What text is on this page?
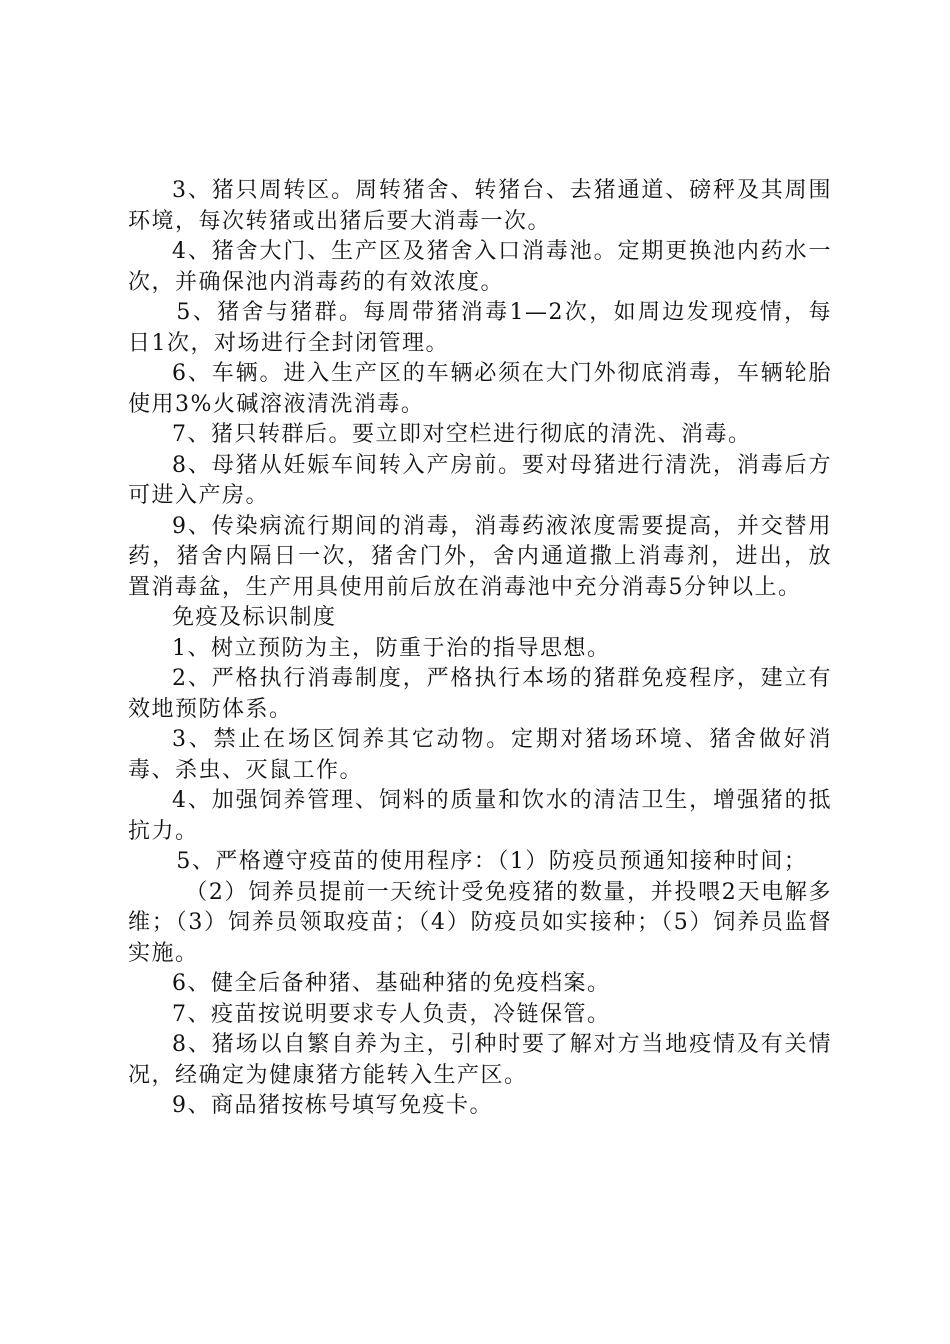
3、猪只周转区。周转猪舍、转猪台、去猪通道、磅秤及其周围环境，每次转猪或出猪后要大消毒一次。

4、猪舍大门、生产区及猪舍入口消毒池。定期更换池内药水一次，并确保池内消毒药的有效浓度。

5、猪舍与猪群。每周带猪消毒1—2次，如周边发现疫情，每日1次，对场进行全封闭管理。

6、车辆。进入生产区的车辆必须在大门外彻底消毒，车辆轮胎使用3%火碱溶液清洗消毒。

7、猪只转群后。要立即对空栏进行彻底的清洗、消毒。

8、母猪从妊娠车间转入产房前。要对母猪进行清洗，消毒后方可进入产房。

9、传染病流行期间的消毒，消毒药液浓度需要提高，并交替用药，猪舍内隔日一次，猪舍门外，舍内通道撒上消毒剂，进出，放置消毒盆，生产用具使用前后放在消毒池中充分消毒5分钟以上。

免疫及标识制度

1、树立预防为主，防重于治的指导思想。

2、严格执行消毒制度，严格执行本场的猪群免疫程序，建立有效地预防体系。

3、禁止在场区饲养其它动物。定期对猪场环境、猪舍做好消毒、杀虫、灭鼠工作。

4、加强饲养管理、饲料的质量和饮水的清洁卫生，增强猪的抵抗力。

5、严格遵守疫苗的使用程序：（1）防疫员预通知接种时间；

（2）饲养员提前一天统计受免疫猪的数量，并投喂2天电解多维；（3）饲养员领取疫苗；（4）防疫员如实接种；（5）饲养员监督实施。

6、健全后备种猪、基础种猪的免疫档案。

7、疫苗按说明要求专人负责，冷链保管。

8、猪场以自繁自养为主，引种时要了解对方当地疫情及有关情况，经确定为健康猪方能转入生产区。

9、商品猪按栋号填写免疫卡。
